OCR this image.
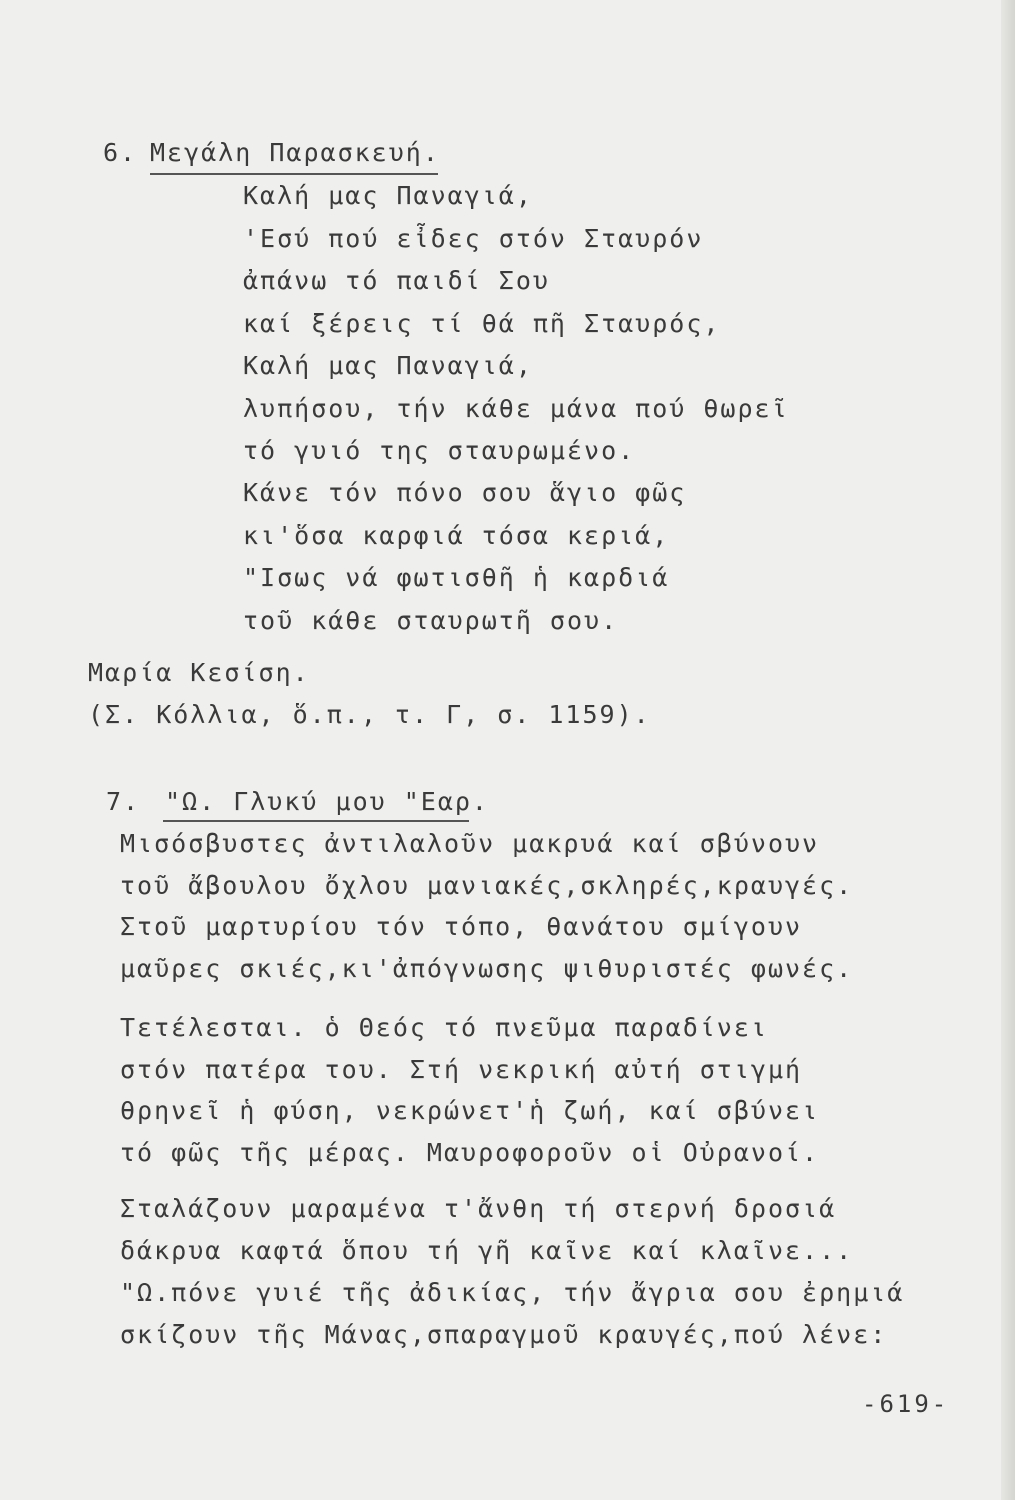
6. Μεγάλη Παρασκευή.
Καλή μας Παναγιά,
'Εσύ πού εἶδες στόν Σταυρόν
ἀπάνω τό παιδί Σου
καί ξέρεις τί θά πῆ Σταυρός,
Καλή μας Παναγιά,
λυπήσου, τήν κάθε μάνα πού θωρεῖ
τό γυιό της σταυρωμένο.
Κάνε τόν πόνο σου ἅγιο φῶς
κι'ὅσα καρφιά τόσα κεριά,
"Ισως νά φωτισθῆ ἡ καρδιά
τοῦ κάθε σταυρωτῆ σου.
Μαρία Κεσίση.
(Σ. Κόλλια, ὅ.π., τ. Γ, σ. 1159).
7. "Ω. Γλυκύ μου "Εαρ.
Μισόσβυστες ἀντιλαλοῦν μακρυά καί σβύνουν
τοῦ ἄβουλου ὄχλου μανιακές,σκληρές,κραυγές.
Στοῦ μαρτυρίου τόν τόπο, θανάτου σμίγουν
μαῦρες σκιές,κι'ἀπόγνωσης ψιθυριστές φωνές.
Τετέλεσται. ὁ Θεός τό πνεῦμα παραδίνει
στόν πατέρα του. Στή νεκρική αὐτή στιγμή
θρηνεῖ ἡ φύση, νεκρώνετ'ἡ ζωή, καί σβύνει
τό φῶς τῆς μέρας. Μαυροφοροῦν οἱ Οὐρανοί.
Σταλάζουν μαραμένα τ'ἄνθη τή στερνή δροσιά
δάκρυα καφτά ὅπου τή γῆ καῖνε καί κλαῖνε...
"Ω.πόνε γυιέ τῆς ἀδικίας, τήν ἄγρια σου ἐρημιά
σκίζουν τῆς Μάνας,σπαραγμοῦ κραυγές,πού λένε:
-619-
